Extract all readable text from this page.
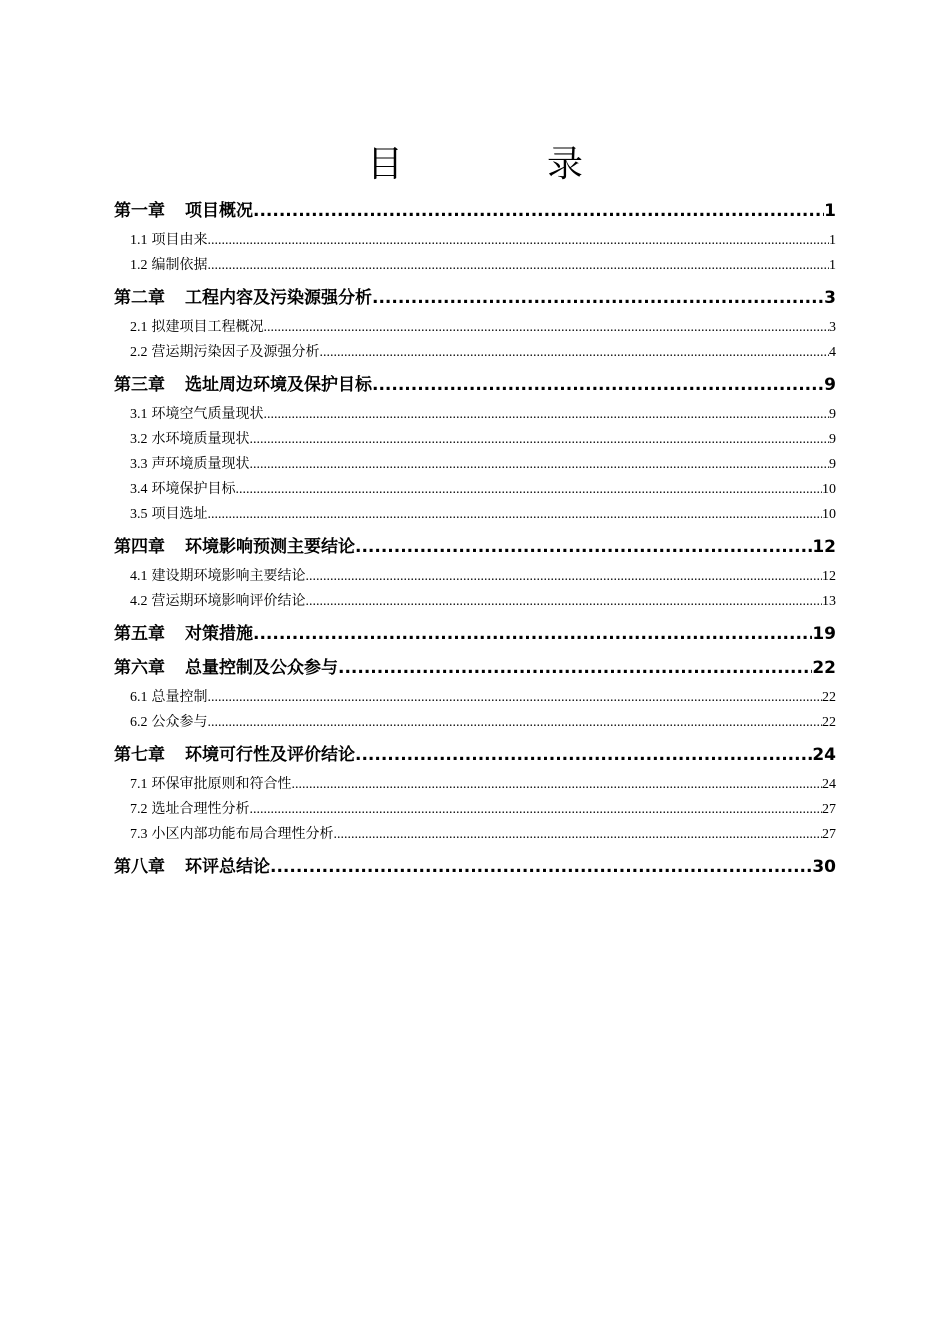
目　录
第一章 项目概况 .....	1
1.1 项目由来 .....	1
1.2 编制依据 .....	1
第二章 工程内容及污染源强分析 .....	3
2.1 拟建项目工程概况 .....	3
2.2 营运期污染因子及源强分析 .....	4
第三章 选址周边环境及保护目标 .....	9
3.1 环境空气质量现状 .....	9
3.2 水环境质量现状 .....	9
3.3 声环境质量现状 .....	9
3.4 环境保护目标 .....	10
3.5 项目选址 .....	10
第四章 环境影响预测主要结论 .....	12
4.1 建设期环境影响主要结论 .....	12
4.2 营运期环境影响评价结论 .....	13
第五章 对策措施 .....	19
第六章 总量控制及公众参与 .....	22
6.1 总量控制 .....	22
6.2 公众参与 .....	22
第七章 环境可行性及评价结论 .....	24
7.1 环保审批原则和符合性 .....	24
7.2 选址合理性分析 .....	27
7.3 小区内部功能布局合理性分析 .....	27
第八章 环评总结论 .....	30
